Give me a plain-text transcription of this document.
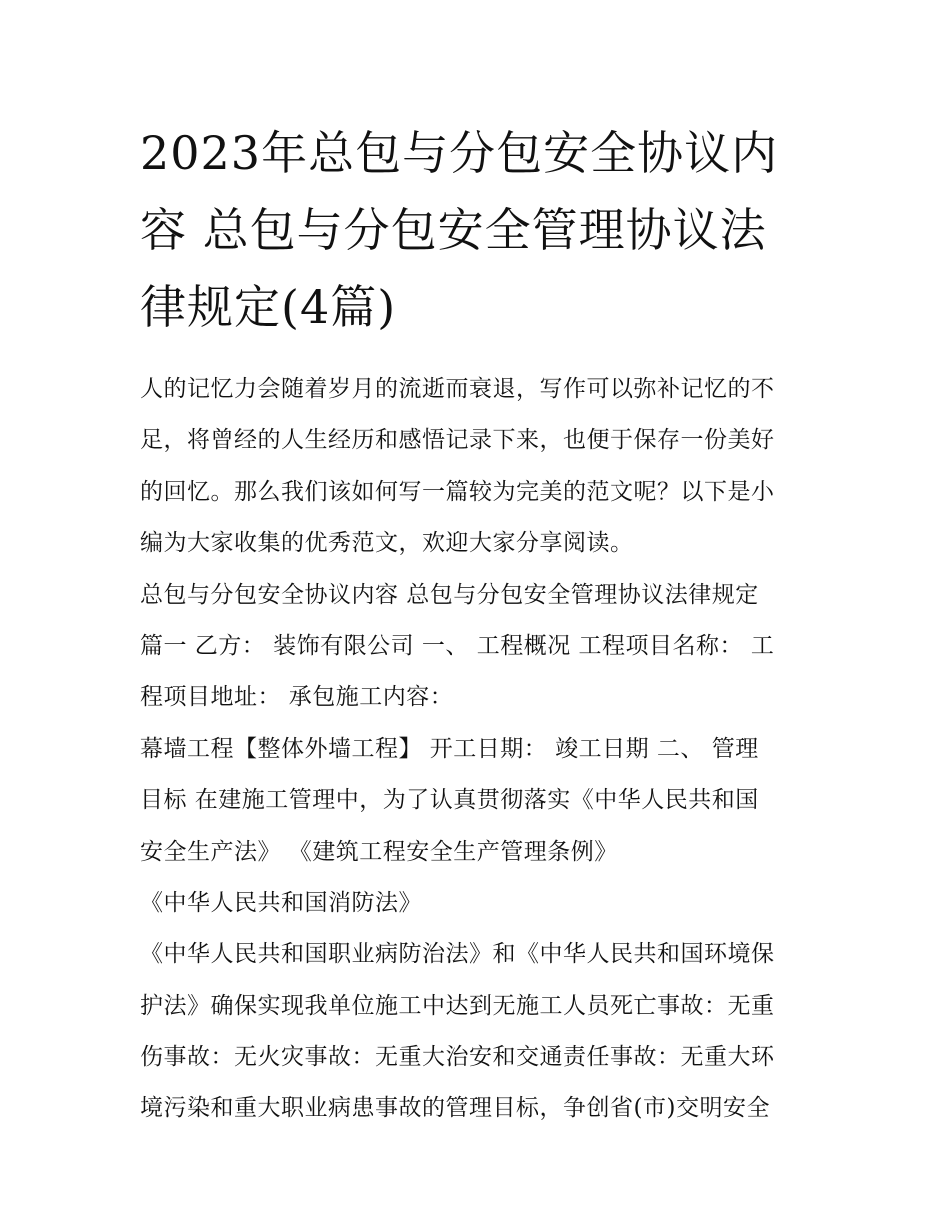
2023年总包与分包安全协议内
容 总包与分包安全管理协议法
律规定(4篇)
人的记忆力会随着岁月的流逝而衰退，写作可以弥补记忆的不
足，将曾经的人生经历和感悟记录下来，也便于保存一份美好
的回忆。那么我们该如何写一篇较为完美的范文呢？以下是小
编为大家收集的优秀范文，欢迎大家分享阅读。
总包与分包安全协议内容 总包与分包安全管理协议法律规定
篇一 乙方： 装饰有限公司 一、 工程概况 工程项目名称： 工
程项目地址： 承包施工内容：
幕墙工程【整体外墙工程】 开工日期： 竣工日期 二、 管理
目标 在建施工管理中，为了认真贯彻落实《中华人民共和国
安全生产法》 《建筑工程安全生产管理条例》
《中华人民共和国消防法》
《中华人民共和国职业病防治法》和《中华人民共和国环境保
护法》确保实现我单位施工中达到无施工人员死亡事故：无重
伤事故：无火灾事故：无重大治安和交通责任事故：无重大环
境污染和重大职业病患事故的管理目标，争创省(市)交明安全
